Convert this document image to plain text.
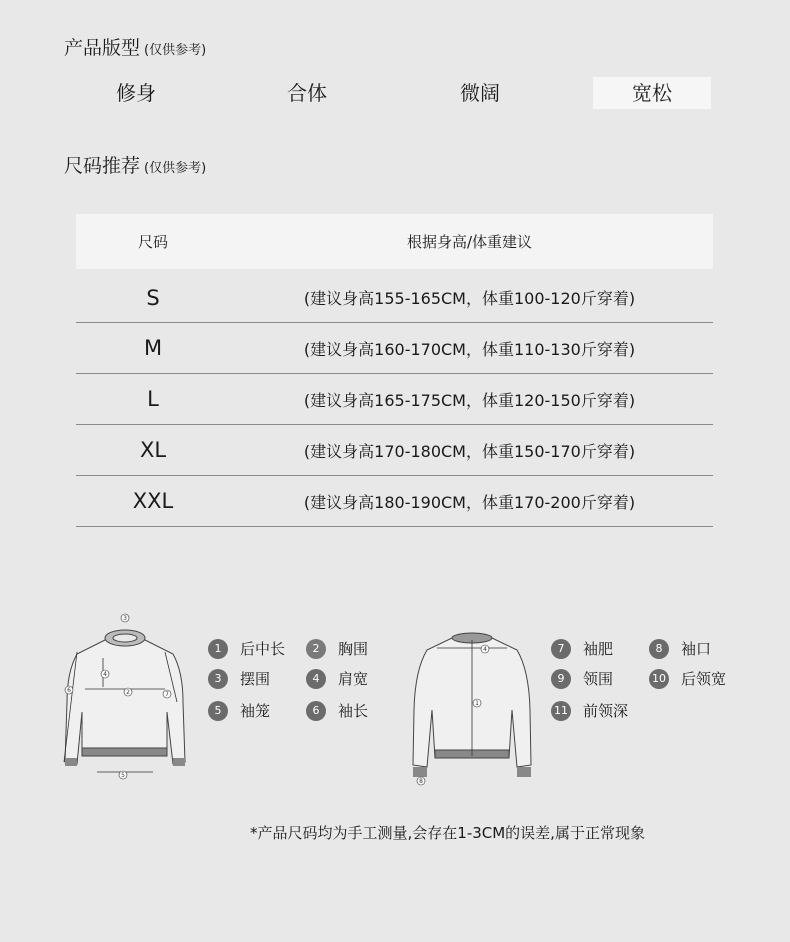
产品版型 (仅供参考)
修身	合体	微阔	宽松
尺码推荐 (仅供参考)
尺码	根据身高/体重建议
S	(建议身高155-165CM，体重100-120斤穿着)
M	(建议身高160-170CM，体重110-130斤穿着)
L	(建议身高165-175CM，体重120-150斤穿着)
XL	(建议身高170-180CM，体重150-170斤穿着)
XXL	(建议身高180-190CM，体重170-200斤穿着)
3
2
5
6
4
7
1	后中长	2	胸围
3	摆围	4	肩宽
5	袖笼	6	袖长
4
1
8
7	袖肥	8	袖口
9	领围	10 后领宽
11 前领深
*产品尺码均为手工测量,会存在1-3CM的误差,属于正常现象
